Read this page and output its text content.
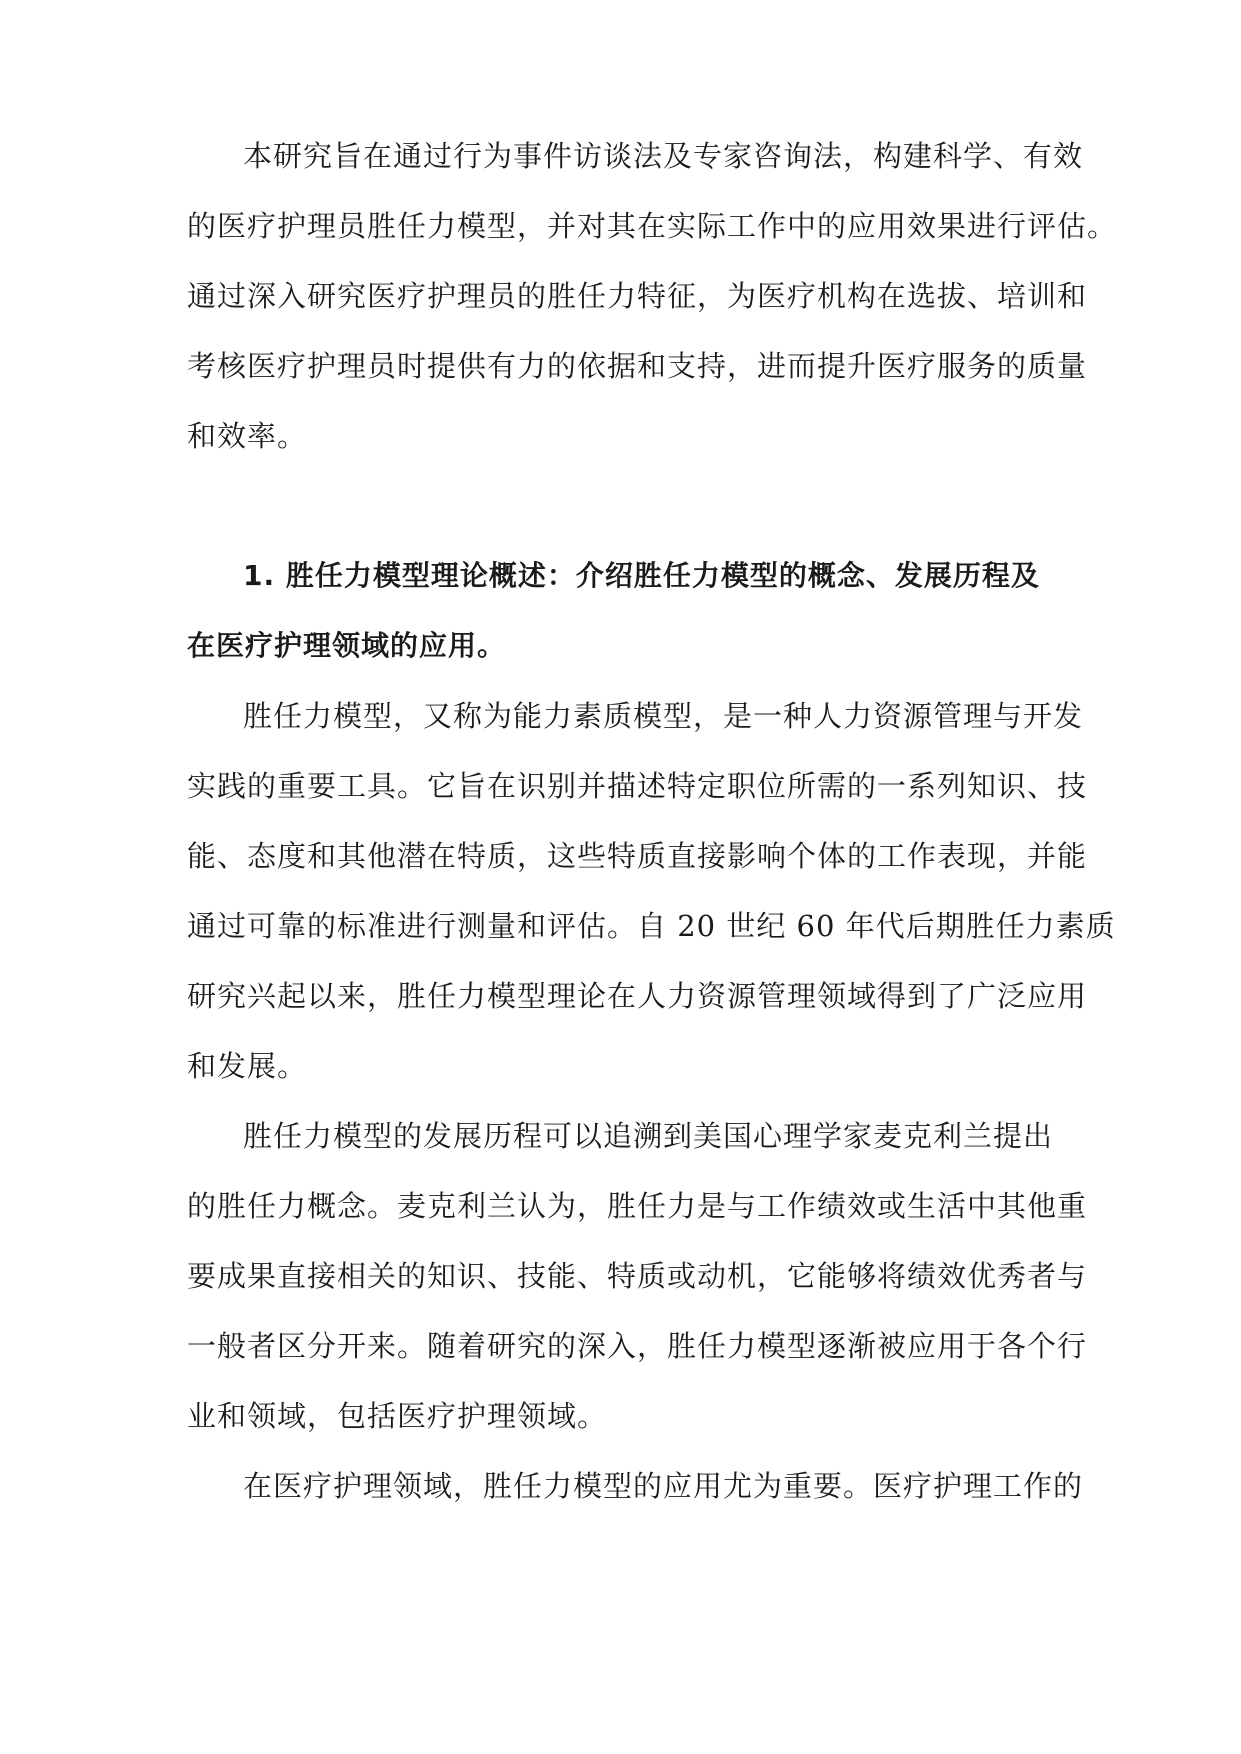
本研究旨在通过行为事件访谈法及专家咨询法，构建科学、有效
的医疗护理员胜任力模型，并对其在实际工作中的应用效果进行评估。
通过深入研究医疗护理员的胜任力特征，为医疗机构在选拔、培训和
考核医疗护理员时提供有力的依据和支持，进而提升医疗服务的质量
和效率。
1. 胜任力模型理论概述：介绍胜任力模型的概念、发展历程及
在医疗护理领域的应用。
胜任力模型，又称为能力素质模型，是一种人力资源管理与开发
实践的重要工具。它旨在识别并描述特定职位所需的一系列知识、技
能、态度和其他潜在特质，这些特质直接影响个体的工作表现，并能
通过可靠的标准进行测量和评估。自 20 世纪 60 年代后期胜任力素质
研究兴起以来，胜任力模型理论在人力资源管理领域得到了广泛应用
和发展。
胜任力模型的发展历程可以追溯到美国心理学家麦克利兰提出
的胜任力概念。麦克利兰认为，胜任力是与工作绩效或生活中其他重
要成果直接相关的知识、技能、特质或动机，它能够将绩效优秀者与
一般者区分开来。随着研究的深入，胜任力模型逐渐被应用于各个行
业和领域，包括医疗护理领域。
在医疗护理领域，胜任力模型的应用尤为重要。医疗护理工作的
